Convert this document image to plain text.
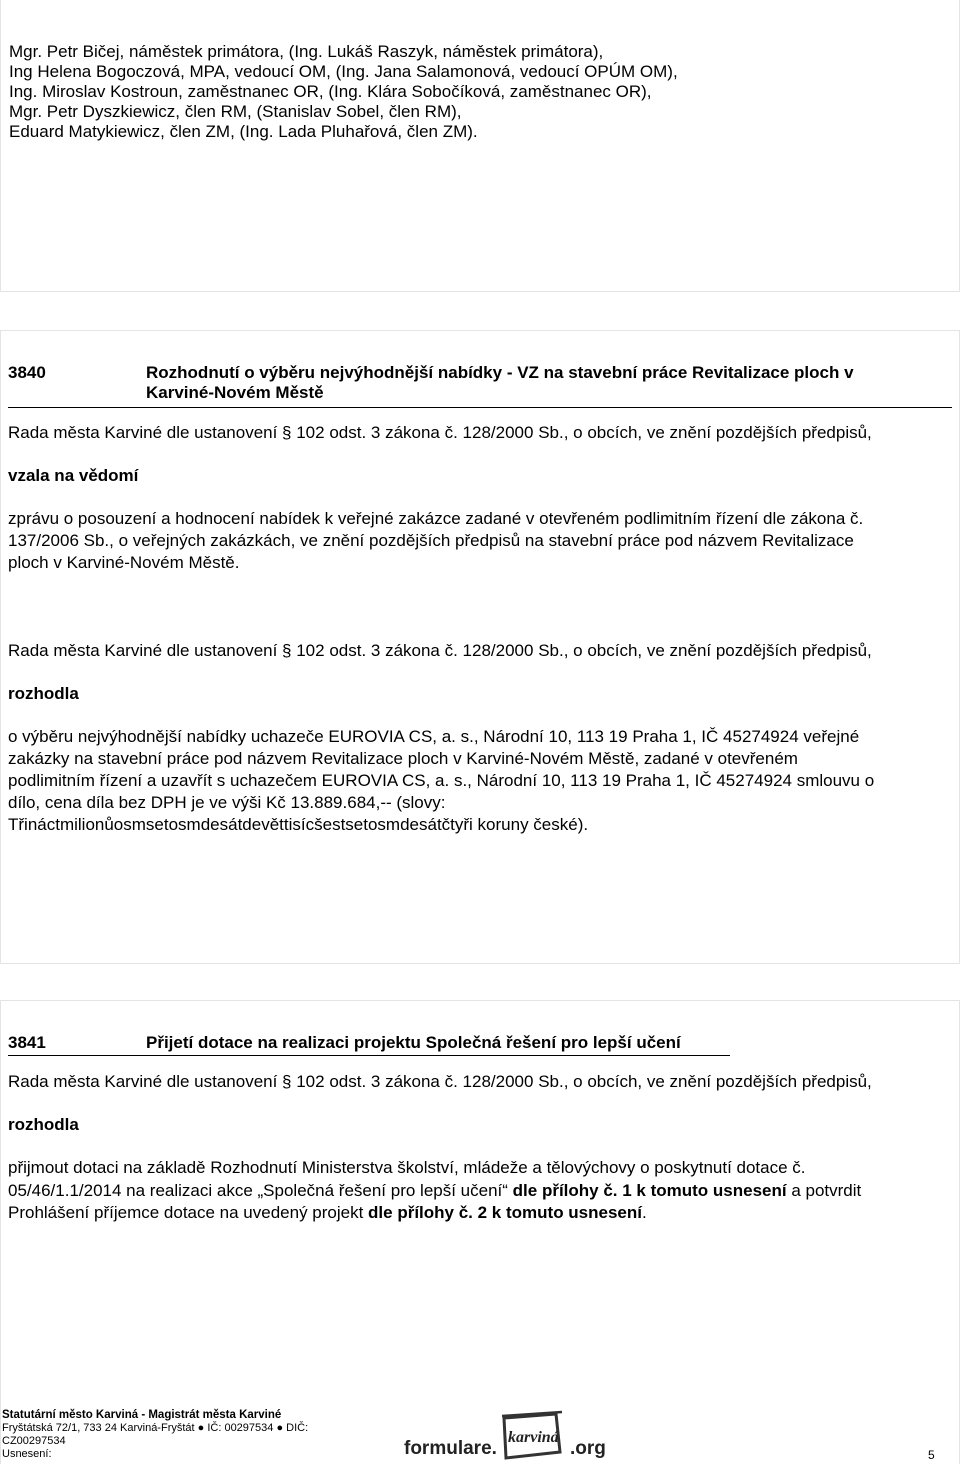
Mgr. Petr Bičej, náměstek primátora, (Ing. Lukáš Raszyk, náměstek primátora),
Ing Helena Bogoczová, MPA, vedoucí OM, (Ing. Jana Salamonová, vedoucí OPÚM OM),
Ing. Miroslav Kostroun, zaměstnanec OR, (Ing. Klára Sobočíková, zaměstnanec OR),
Mgr. Petr Dyszkiewicz, člen RM, (Stanislav Sobel, člen RM),
Eduard Matykiewicz, člen ZM, (Ing. Lada Pluhařová, člen ZM).
3840	Rozhodnutí o výběru nejvýhodnější nabídky - VZ na stavební práce Revitalizace ploch v
Karviné-Novém Městě
Rada města Karviné dle ustanovení § 102 odst. 3 zákona č. 128/2000 Sb., o obcích, ve znění pozdějších předpisů,
vzala na vědomí
zprávu o posouzení a hodnocení nabídek k veřejné zakázce zadané v otevřeném podlimitním řízení dle zákona č.
137/2006 Sb., o veřejných zakázkách, ve znění pozdějších předpisů na stavební práce pod názvem Revitalizace
ploch v Karviné-Novém Městě.
Rada města Karviné dle ustanovení § 102 odst. 3 zákona č. 128/2000 Sb., o obcích, ve znění pozdějších předpisů,
rozhodla
o výběru nejvýhodnější nabídky uchazeče EUROVIA CS, a. s., Národní 10, 113 19 Praha 1, IČ 45274924 veřejné
zakázky na stavební práce pod názvem Revitalizace ploch v Karviné-Novém Městě, zadané v otevřeném
podlimitním řízení a uzavřít s uchazečem EUROVIA CS, a. s., Národní 10, 113 19 Praha 1, IČ 45274924 smlouvu o
dílo, cena díla bez DPH je ve výši Kč 13.889.684,-- (slovy:
Třináctmilionůosmsetosmdesátdevěttisícšestsetosmdesátčtyři koruny české).
3841	Přijetí dotace na realizaci projektu Společná řešení pro lepší učení
Rada města Karviné dle ustanovení § 102 odst. 3 zákona č. 128/2000 Sb., o obcích, ve znění pozdějších předpisů,
rozhodla
přijmout dotaci na základě Rozhodnutí Ministerstva školství, mládeže a tělovýchovy o poskytnutí dotace č.
05/46/1.1/2014 na realizaci akce „Společná řešení pro lepší učení“ dle přílohy č. 1 k tomuto usnesení a potvrdit
Prohlášení příjemce dotace na uvedený projekt dle přílohy č. 2 k tomuto usnesení.
Statutární město Karviná - Magistrát města Karviné
Fryštátská 72/1, 733 24 Karviná-Fryštát ● IČ: 00297534 ● DIČ:
CZ00297534
Usnesení:	formulare.
karviná
.org	5
